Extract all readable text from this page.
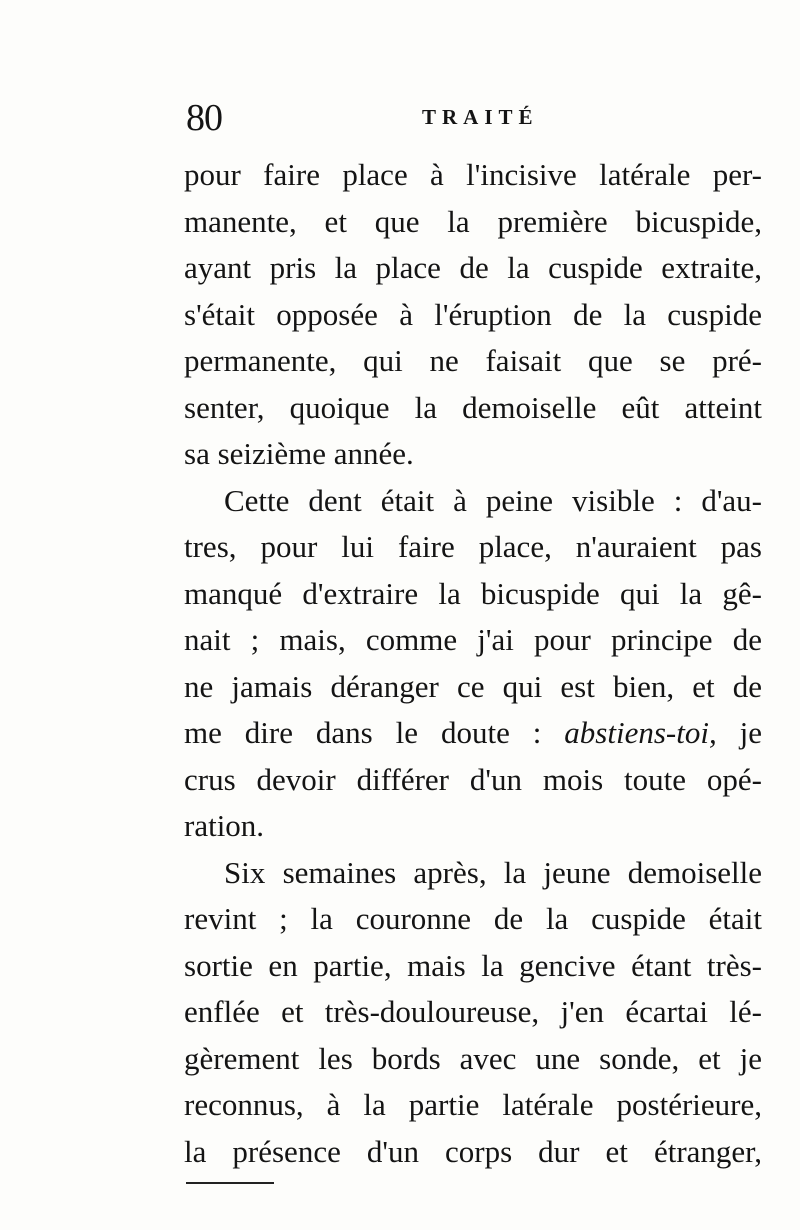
80	TRAITÉ
pour faire place à l'incisive latérale per-
manente, et que la première bicuspide,
ayant pris la place de la cuspide extraite,
s'était opposée à l'éruption de la cuspide
permanente, qui ne faisait que se pré-
senter, quoique la demoiselle eût atteint
sa seizième année.
Cette dent était à peine visible : d'au-
tres, pour lui faire place, n'auraient pas
manqué d'extraire la bicuspide qui la gê-
nait ; mais, comme j'ai pour principe de
ne jamais déranger ce qui est bien, et de
me dire dans le doute : abstiens-toi, je
crus devoir différer d'un mois toute opé-
ration.
Six semaines après, la jeune demoiselle
revint ; la couronne de la cuspide était
sortie en partie, mais la gencive étant très-
enflée et très-douloureuse, j'en écartai lé-
gèrement les bords avec une sonde, et je
reconnus, à la partie latérale postérieure,
la présence d'un corps dur et étranger,
